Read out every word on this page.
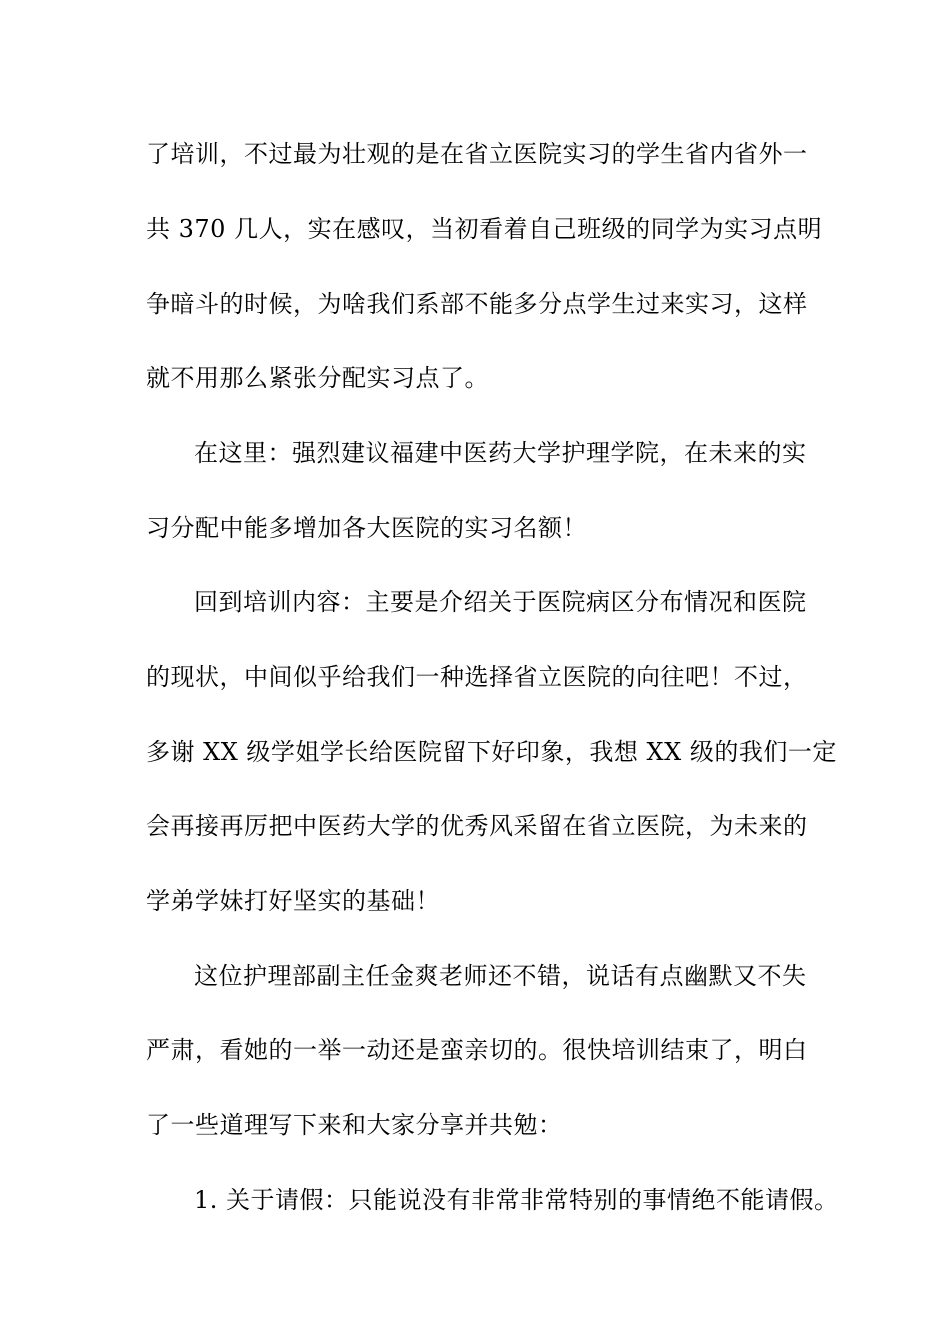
了培训，不过最为壮观的是在省立医院实习的学生省内省外一
共 370 几人，实在感叹，当初看着自己班级的同学为实习点明
争暗斗的时候，为啥我们系部不能多分点学生过来实习，这样
就不用那么紧张分配实习点了。
在这里：强烈建议福建中医药大学护理学院，在未来的实
习分配中能多增加各大医院的实习名额！
回到培训内容：主要是介绍关于医院病区分布情况和医院
的现状，中间似乎给我们一种选择省立医院的向往吧！不过，
多谢 XX 级学姐学长给医院留下好印象，我想 XX 级的我们一定
会再接再厉把中医药大学的优秀风采留在省立医院，为未来的
学弟学妹打好坚实的基础！
这位护理部副主任金爽老师还不错，说话有点幽默又不失
严肃，看她的一举一动还是蛮亲切的。很快培训结束了，明白
了一些道理写下来和大家分享并共勉：
1. 关于请假：只能说没有非常非常特别的事情绝不能请假。
